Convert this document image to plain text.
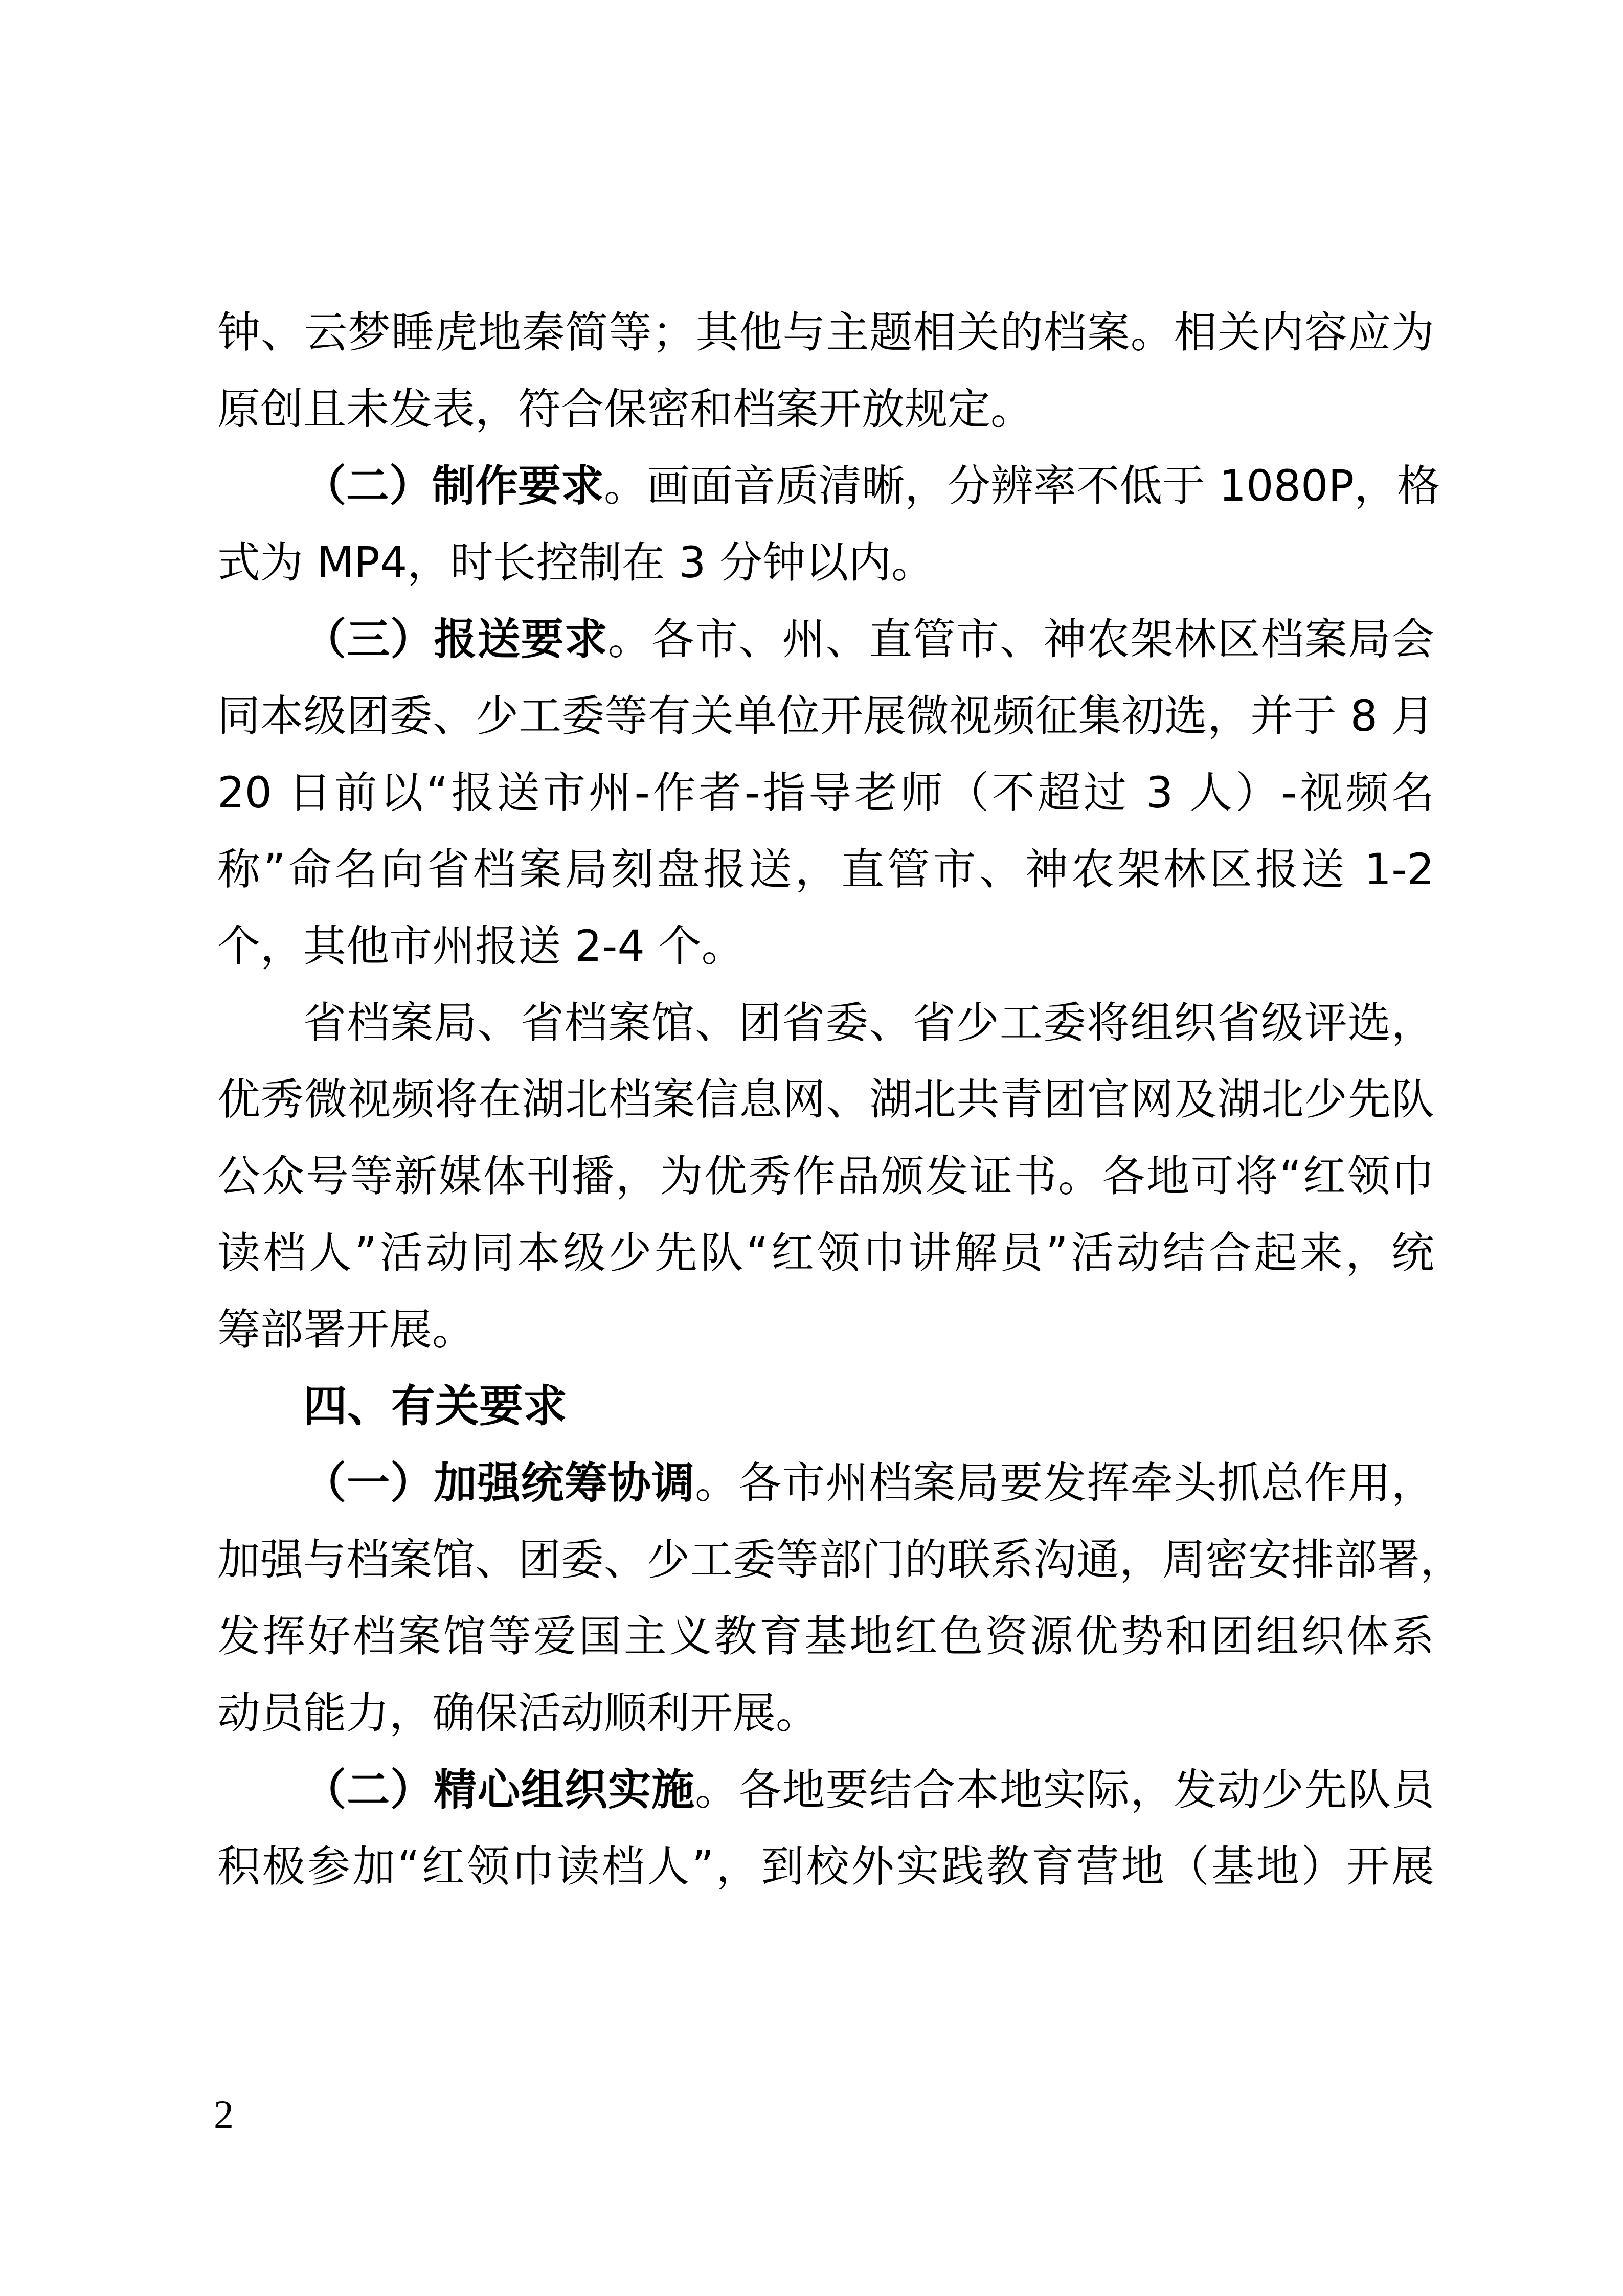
钟、云梦睡虎地秦简等；其他与主题相关的档案。相关内容应为
原创且未发表，符合保密和档案开放规定。
（二）制作要求。画面音质清晰，分辨率不低于 1080P，格
式为 MP4，时长控制在 3 分钟以内。
（三）报送要求。各市、州、直管市、神农架林区档案局会
同本级团委、少工委等有关单位开展微视频征集初选，并于 8 月
20 日前以“报送市州-作者-指导老师（不超过 3 人）-视频名
称”命名向省档案局刻盘报送，直管市、神农架林区报送 1-2
个，其他市州报送 2-4 个。
省档案局、省档案馆、团省委、省少工委将组织省级评选，
优秀微视频将在湖北档案信息网、湖北共青团官网及湖北少先队
公众号等新媒体刊播，为优秀作品颁发证书。各地可将“红领巾
读档人”活动同本级少先队“红领巾讲解员”活动结合起来，统
筹部署开展。
四、有关要求
（一）加强统筹协调。各市州档案局要发挥牵头抓总作用，
加强与档案馆、团委、少工委等部门的联系沟通，周密安排部署，
发挥好档案馆等爱国主义教育基地红色资源优势和团组织体系
动员能力，确保活动顺利开展。
（二）精心组织实施。各地要结合本地实际，发动少先队员
积极参加“红领巾读档人”，到校外实践教育营地（基地）开展
2
